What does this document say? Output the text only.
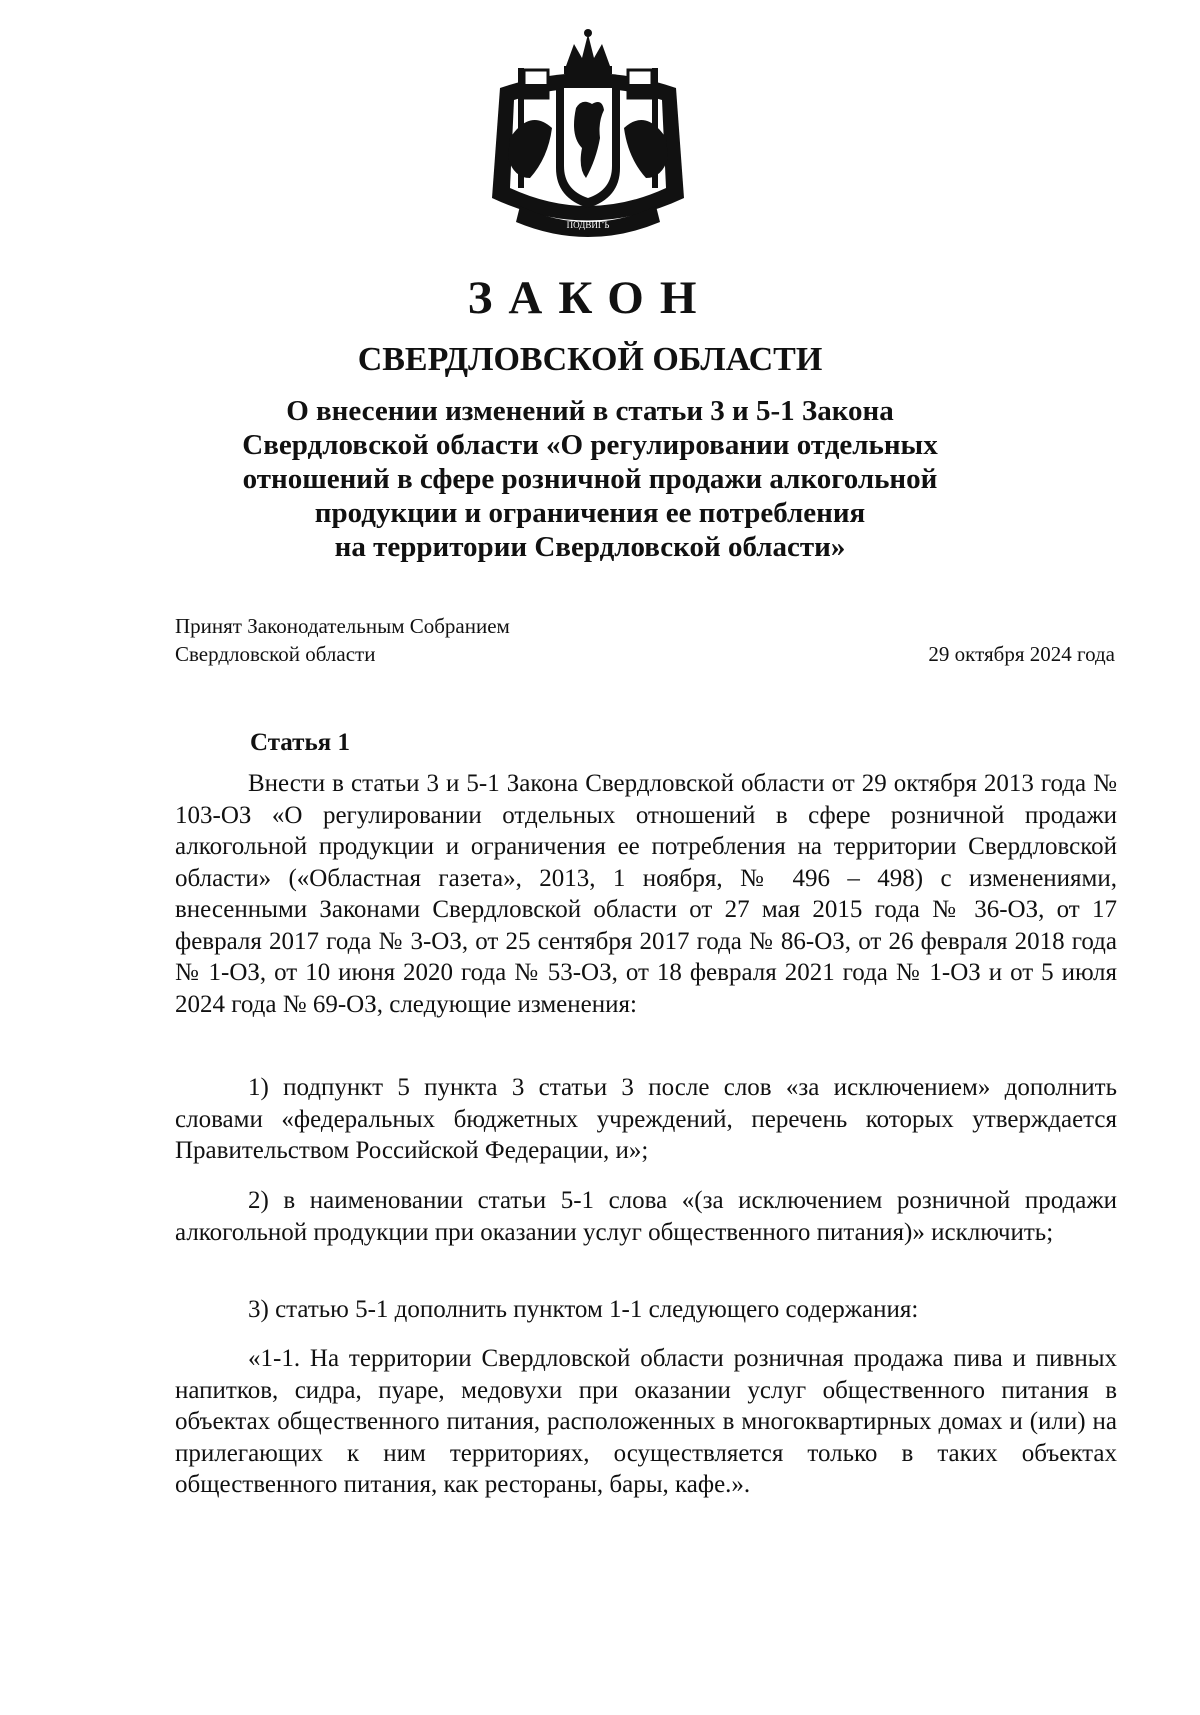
ПОДВИГЪ
ЗАКОН
СВЕРДЛОВСКОЙ ОБЛАСТИ
О внесении изменений в статьи 3 и 5-1 Закона
Свердловской области «О регулировании отдельных
отношений в сфере розничной продажи алкогольной
продукции и ограничения ее потребления
на территории Свердловской области»
Принят Законодательным Собранием
Свердловской области	29 октября 2024 года
Статья 1

Внести в статьи 3 и 5-1 Закона Свердловской области от 29 октября 2013 года № 103-ОЗ «О регулировании отдельных отношений в сфере розничной продажи алкогольной продукции и ограничения ее потребления на территории Свердловской области» («Областная газета», 2013, 1 ноября, № 496 – 498) с изменениями, внесенными Законами Свердловской области от 27 мая 2015 года № 36-ОЗ, от 17 февраля 2017 года № 3-ОЗ, от 25 сентября 2017 года № 86-ОЗ, от 26 февраля 2018 года № 1-ОЗ, от 10 июня 2020 года № 53-ОЗ, от 18 февраля 2021 года № 1-ОЗ и от 5 июля 2024 года № 69-ОЗ, следующие изменения:

1) подпункт 5 пункта 3 статьи 3 после слов «за исключением» дополнить словами «федеральных бюджетных учреждений, перечень которых утверждается Правительством Российской Федерации, и»;

2) в наименовании статьи 5-1 слова «(за исключением розничной продажи алкогольной продукции при оказании услуг общественного питания)» исключить;

3) статью 5-1 дополнить пунктом 1-1 следующего содержания:

«1-1. На территории Свердловской области розничная продажа пива и пивных напитков, сидра, пуаре, медовухи при оказании услуг общественного питания в объектах общественного питания, расположенных в многоквартирных домах и (или) на прилегающих к ним территориях, осуществляется только в таких объектах общественного питания, как рестораны, бары, кафе.».
